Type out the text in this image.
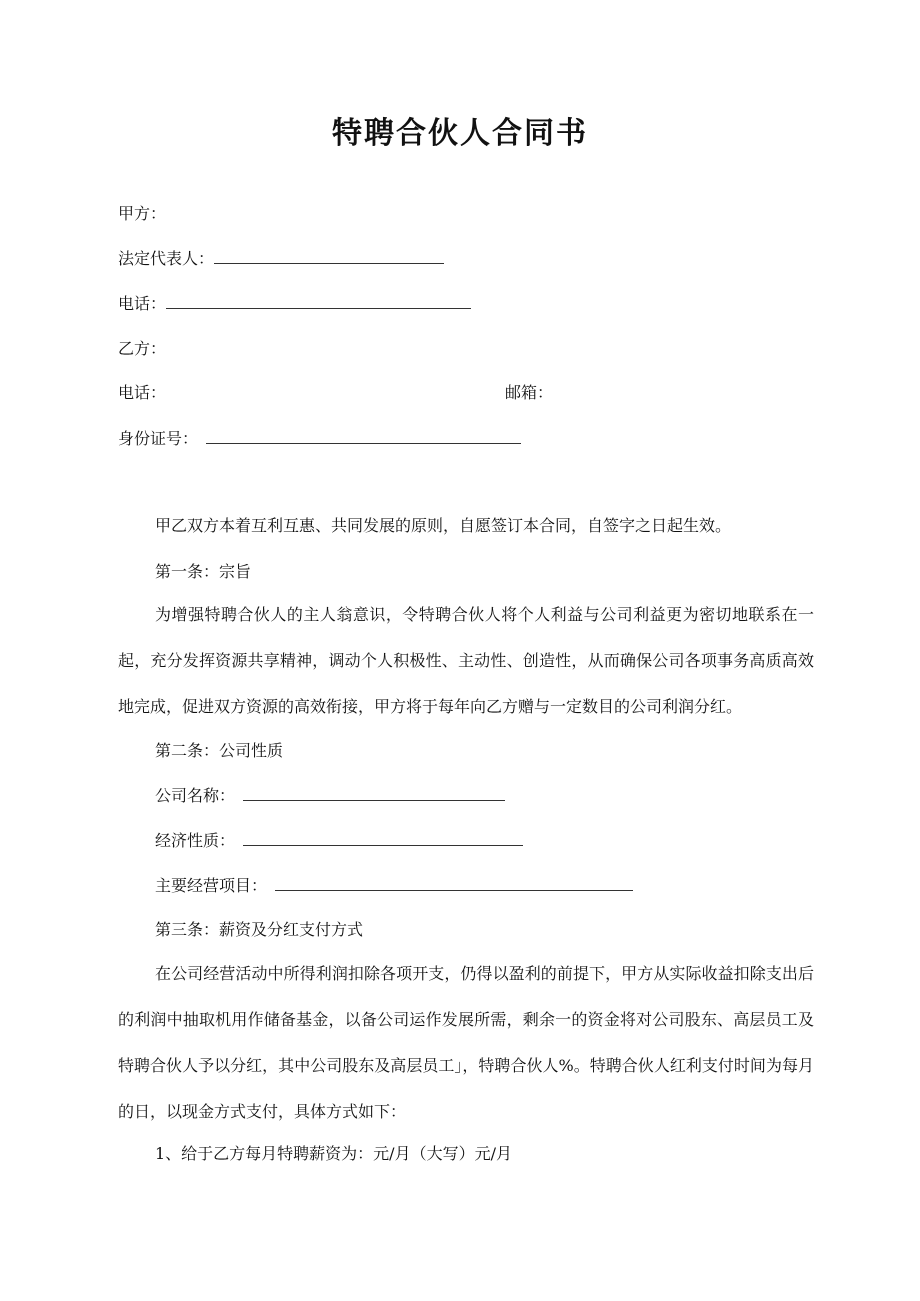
特聘合伙人合同书
甲方：
法定代表人：
电话：
乙方：
电话：	邮箱：
身份证号：
甲乙双方本着互利互惠、共同发展的原则，自愿签订本合同，自签字之日起生效。
第一条：宗旨
为增强特聘合伙人的主人翁意识，令特聘合伙人将个人利益与公司利益更为密切地联系在一起，充分发挥资源共享精神，调动个人积极性、主动性、创造性，从而确保公司各项事务高质高效地完成，促进双方资源的高效衔接，甲方将于每年向乙方赠与一定数目的公司利润分红。
第二条：公司性质
公司名称：
经济性质：
主要经营项目：
第三条：薪资及分红支付方式
在公司经营活动中所得利润扣除各项开支，仍得以盈利的前提下，甲方从实际收益扣除支出后的利润中抽取机用作储备基金，以备公司运作发展所需，剩余一的资金将对公司股东、高层员工及特聘合伙人予以分红，其中公司股东及高层员工」，特聘合伙人%。特聘合伙人红利支付时间为每月的日，以现金方式支付，具体方式如下：
1、给于乙方每月特聘薪资为：元/月（大写）元/月
